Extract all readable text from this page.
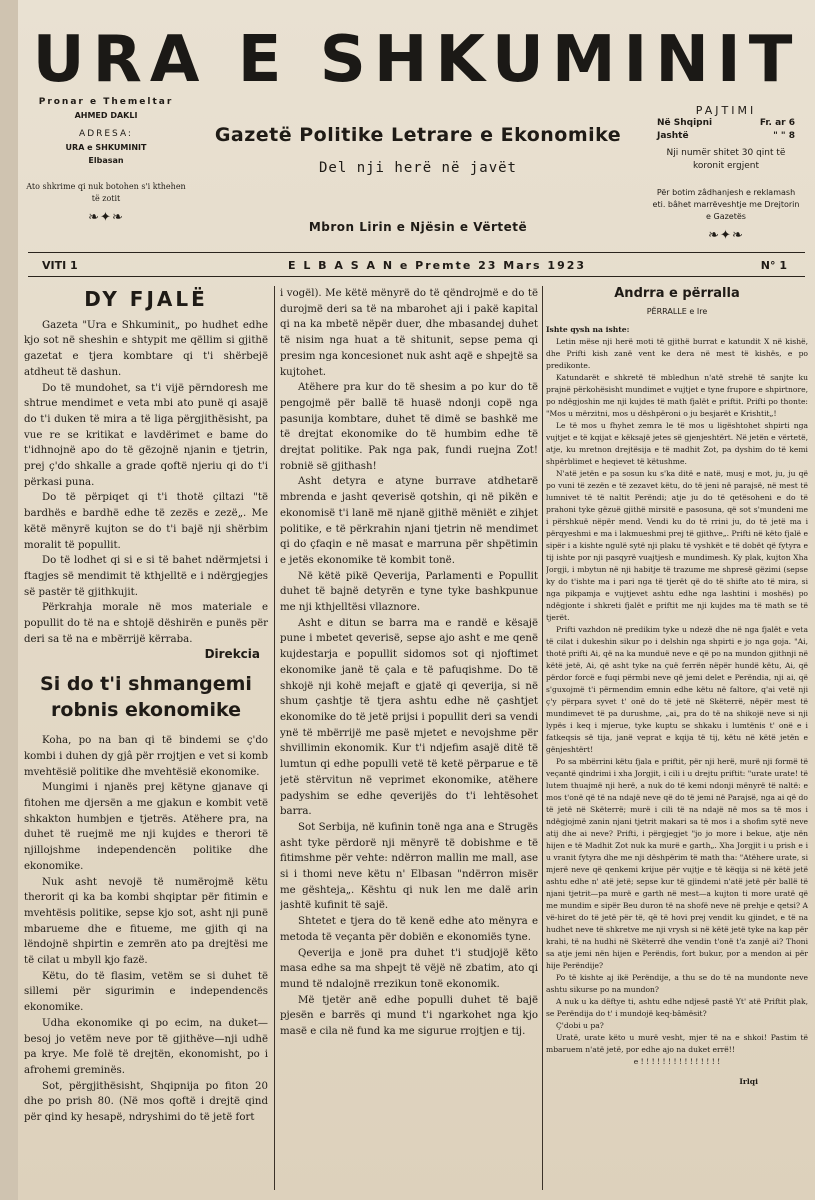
URA E SHKUMINIT
Pronar e Themeltar
AHMED DAKLI
ADRESA:
URA e SHKUMINIT
Elbasan
Ato shkrime qi nuk botohen s'i kthehen të zotit
❧✦❧
Gazetë Politike Letrare e Ekonomike
Del nji herë në javët
Mbron Lirin e Njësin e Vërtetë
PAJTIMI
Në Shqipni	Fr. ar 6
Jashtë	" " 8
Nji numër shitet 30 qint të koronit ergjent
Për botim zâdhanjesh e reklamash eti. bâhet marrëveshtje me Drejtorin e Gazetës
❧✦❧
VITI 1	E L B A S A N e Premte 23 Mars 1923	N° 1
DY FJALË

Gazeta "Ura e Shkuminit„ po hudhet edhe kjo sot në sheshin e shtypit me qëllim si gjithë gazetat e tjera kombtare qi t'i shërbejë atdheut të dashun.

Do të mundohet, sa t'i vijë përndoresh me shtrue mendimet e veta mbi ato punë qi asajë do t'i duken të mira a të liga përgjithësisht, pa vue re se kritikat e lavdërimet e bame do t'idhnojnë apo do të gëzojnë njanin e tjetrin, prej ç'do shkalle a grade qoftë njeriu qi do t'i përkasi puna.

Do të përpiqet qi t'i thotë çiltazi "të bardhës e bardhë edhe të zezës e zezë„. Me këtë mënyrë kujton se do t'i bajë nji shërbim moralit të popullit.

Do të lodhet qi si e si të bahet ndërmjetsi i ftagjes së mendimit të kthjelltë e i ndërgjegjes së pastër të gjithkujit.

Përkrahja morale në mos materiale e popullit do të na e shtojë dëshirën e punës për deri sa të na e mbërrijë kërraba.

Direkcia
Si do t'i shmangemi robnis ekonomike

Koha, po na ban qi të bindemi se ç'do kombi i duhen dy gjâ për rrojtjen e vet si komb mvehtësië politike dhe mvehtësië ekonomike.

Mungimi i njanës prej këtyne gjanave qi fitohen me djersën a me gjakun e kombit vetë shkakton humbjen e tjetrës. Atëhere pra, na duhet të ruejmë me nji kujdes e therori të njillojshme independencën politike dhe ekonomike.

Nuk asht nevojë të numërojmë këtu therorit qi ka ba kombi shqiptar për fitimin e mvehtësis politike, sepse kjo sot, asht nji punë mbarueme dhe e fitueme, me gjith qi na lëndojnë shpirtin e zemrën ato pa drejtësi me të cilat u mbyll kjo fazë.

Këtu, do të flasim, vetëm se si duhet të sillemi për sigurimin e independencës ekonomike.

Udha ekonomike qi po ecim, na duket—besoj jo vetëm neve por të gjithëve—nji udhë pa krye. Me folë të drejtën, ekonomisht, po i afrohemi greminës.

Sot, përgjithësisht, Shqipnija po fiton 20 dhe po prish 80. (Në mos qoftë i drejtë qind për qind ky hesapë, ndryshimi do të jetë fort

i vogël). Me këtë mënyrë do të qëndrojmë e do të durojmë deri sa të na mbarohet aji i pakë kapital qi na ka mbetë nëpër duer, dhe mbasandej duhet të nisim nga huat a të shitunit, sepse pema qi presim nga koncesionet nuk asht aqë e shpejtë sa kujtohet.

Atëhere pra kur do të shesim a po kur do të pengojmë për ballë të huasë ndonji copë nga pasunija kombtare, duhet të dimë se bashkë me të drejtat ekonomike do të humbim edhe të drejtat politike. Pak nga pak, fundi ruejna Zot! robnië së gjithash!

Asht detyra e atyne burrave atdhetarë mbrenda e jasht qeverisë qotshin, qi në pikën e ekonomisë t'i lanë më njanë gjithë mëniët e zihjet politike, e të përkrahin njani tjetrin në mendimet qi do çfaqin e në masat e marruna për shpëtimin e jetës ekonomike të kombit tonë.

Në këtë pikë Qeverija, Parlamenti e Popullit duhet të bajnë detyrën e tyne tyke bashkpunue me nji kthjelltësi vllaznore.

Asht e ditun se barra ma e randë e kësajë pune i mbetet qeverisë, sepse ajo asht e me qenë kujdestarja e popullit sidomos sot qi njoftimet ekonomike janë të çala e të pafuqishme. Do të shkojë nji kohë mejaft e gjatë qi qeverija, si në shum çashtje të tjera ashtu edhe në çashtjet ekonomike do të jetë prijsi i popullit deri sa vendi ynë të mbërrijë me pasë mjetet e nevojshme për shvillimin ekonomik. Kur t'i ndjefim asajë ditë të lumtun qi edhe populli vetë të ketë përparue e të jetë stërvitun në veprimet ekonomike, atëhere padyshim se edhe qeverijës do t'i lehtësohet barra.

Sot Serbija, në kufinin tonë nga ana e Strugës asht tyke përdorë nji mënyrë të dobishme e të fitimshme për vehte: ndërron mallin me mall, ase si i thomi neve këtu n' Elbasan "ndërron misër me gështeja„. Kështu qi nuk len me dalë arin jashtë kufinit të sajë.

Shtetet e tjera do të kenë edhe ato mënyra e metoda të veçanta për dobiën e ekonomiës tyne.

Qeverija e jonë pra duhet t'i studjojë këto masa edhe sa ma shpejt të vëjë në zbatim, ato qi mund të ndalojnë rrezikun tonë ekonomik.

Më tjetër anë edhe populli duhet të bajë pjesën e barrës qi mund t'i ngarkohet nga kjo masë e cila në fund ka me sigurue rrojtjen e tij.

Andrra e përralla
PËRRALLE e Ire

Ishte qysh na ishte:

Letin mëse nji herë moti të gjithë burrat e katundit X në kishë, dhe Prifti kish zanë vent ke dera në mest të kishës, e po predikonte.

Katundarët e shkretë të mbledhun n'atë strehë të sanjte ku prajnë përkohësisht mundimet e vujtjet e tyne frupore e shpirtnore, po ndëgjoshin me nji kujdes të math fjalët e priftit. Prifti po thonte: "Mos u mërzitni, mos u dëshpëroni o ju besjarët e Krishtit„!

Le të mos u fhyhet zemra le të mos u ligështohet shpirti nga vujtjet e të kqijat e këksajë jetes së gjenjeshtërt. Në jetën e vërtetë, atje, ku mretnon drejtësija e të madhit Zot, pa dyshim do të kemi shpërblimet e heqievet të këtushme.

N'atë jetën e pa sosun ku s'ka ditë e natë, musj e mot, ju, ju që po vuni të zezën e të zezavet këtu, do të jeni në parajsë, në mest të lumnivet të të naltit Perëndi; atje ju do të qetësoheni e do të prahoni tyke gëzuë gjithë mirsitë e pasosuna, që sot s'mundeni me i përshkuë nëpër mend. Vendi ku do të rrini ju, do të jetë ma i përqyeshmi e ma i lakmueshmi prej të gjithve„. Prifti në këto fjalë e sipër i a kishte ngulë sytë nji plaku të vyshkët e të dobët që fytyra e tij ishte por nji pasqyrë vuajtjesh e mundimesh. Ky plak, kujton Xha Jorgji, i mbytun në nji habitje të trazume me shpresë gëzimi (sepse ky do t'ishte ma i pari nga të tjerët që do të shifte ato të mira, si nga pikpamja e vujtjevet ashtu edhe nga lashtini i moshës) po ndëgjonte i shkreti fjalët e priftit me nji kujdes ma të math se të tjerët.

Prifti vazhdon në predikim tyke u ndezë dhe në nga fjalët e veta të cilat i dukeshin sikur po i delshin nga shpirti e jo nga goja. "Ai, thotë prifti Ai, që na ka munduë neve e që po na mundon gjithnji në këtë jetë, Ai, që asht tyke na çuë ferrën nëpër hundë këtu, Ai, që përdor forcë e fuqi përmbi neve që jemi delet e Perëndia, nji ai, që s'guxojmë t'i përmendim emnin edhe këtu në faltore, q'ai vetë nji ç'y përpara syvet t' onë do të jetë në Skëterrë, nëpër mest të mundimevet të pa durushme, „ai„ pra do të na shikojë neve si nji lypës i keq i mjerue, tyke kuptu se shkaku i lumtënis t' onë e i fatkeqsis së tija, janë veprat e kqija të tij, këtu në këtë jetën e gënjeshtërt!

Po sa mbërrini këtu fjala e priftit, për nji herë, murë nji formë të veçantë qindrimi i xha Jorgjit, i cili i u drejtu priftit: "urate urate! të lutem thuajmë nji herë, a nuk do të kemi ndonji mënyrë të naltë: e mos t'onë që të na ndajë neve që do të jemi në Parajsë, nga ai që do të jetë në Skëterrë; murë i cili të na ndajë në mos sa të mos i ndëgjojmë zanin njani tjetrit makari sa të mos i a shofim sytë neve atij dhe ai neve? Prifti, i përgjegjet "jo jo more i bekue, atje nën hijen e të Madhit Zot nuk ka murë e garth„. Xha Jorgjit i u prish e i u vranit fytyra dhe me nji dëshpërim të math tha: "Atëhere urate, si mjerë neve që qenkemi krijue për vujtje e të këqija si në këtë jetë ashtu edhe n' atë jetë; sepse kur të gjindemi n'atë jetë për ballë të njani tjetrit—pa murë e garth në mest—a kujton ti more uratë që me mundim e sipër Beu duron të na shofë neve në prehje e qetsi? A vë-hiret do të jetë për të, që të hovi prej vendit ku gjindet, e të na hudhet neve të shkretve me nji vrysh si në këtë jetë tyke na kap për krahi, të na hudhi në Skëterrë dhe vendin t'onë t'a zanjë ai? Thoni sa atje jemi nën hijen e Perëndis, fort bukur, por a mendon ai për hije Perëndije?

Po të kishte aj ikë Perëndije, a thu se do të na mundonte neve ashtu sikurse po na mundon?

A nuk u ka dëftye ti, ashtu edhe ndjesë pastë Yt' atë Priftit plak, se Perëndija do t' i mundojë keq-bâmësit?

Ç'dobi u pa?

Uratë, urate këto u murë vesht, mjer të na e shkoi! Pastim të mbaruem n'atë jetë, por edhe ajo na duket errë!!

e ! ! ! ! ! ! ! ! ! ! ! ! ! ! !

Irlqi
